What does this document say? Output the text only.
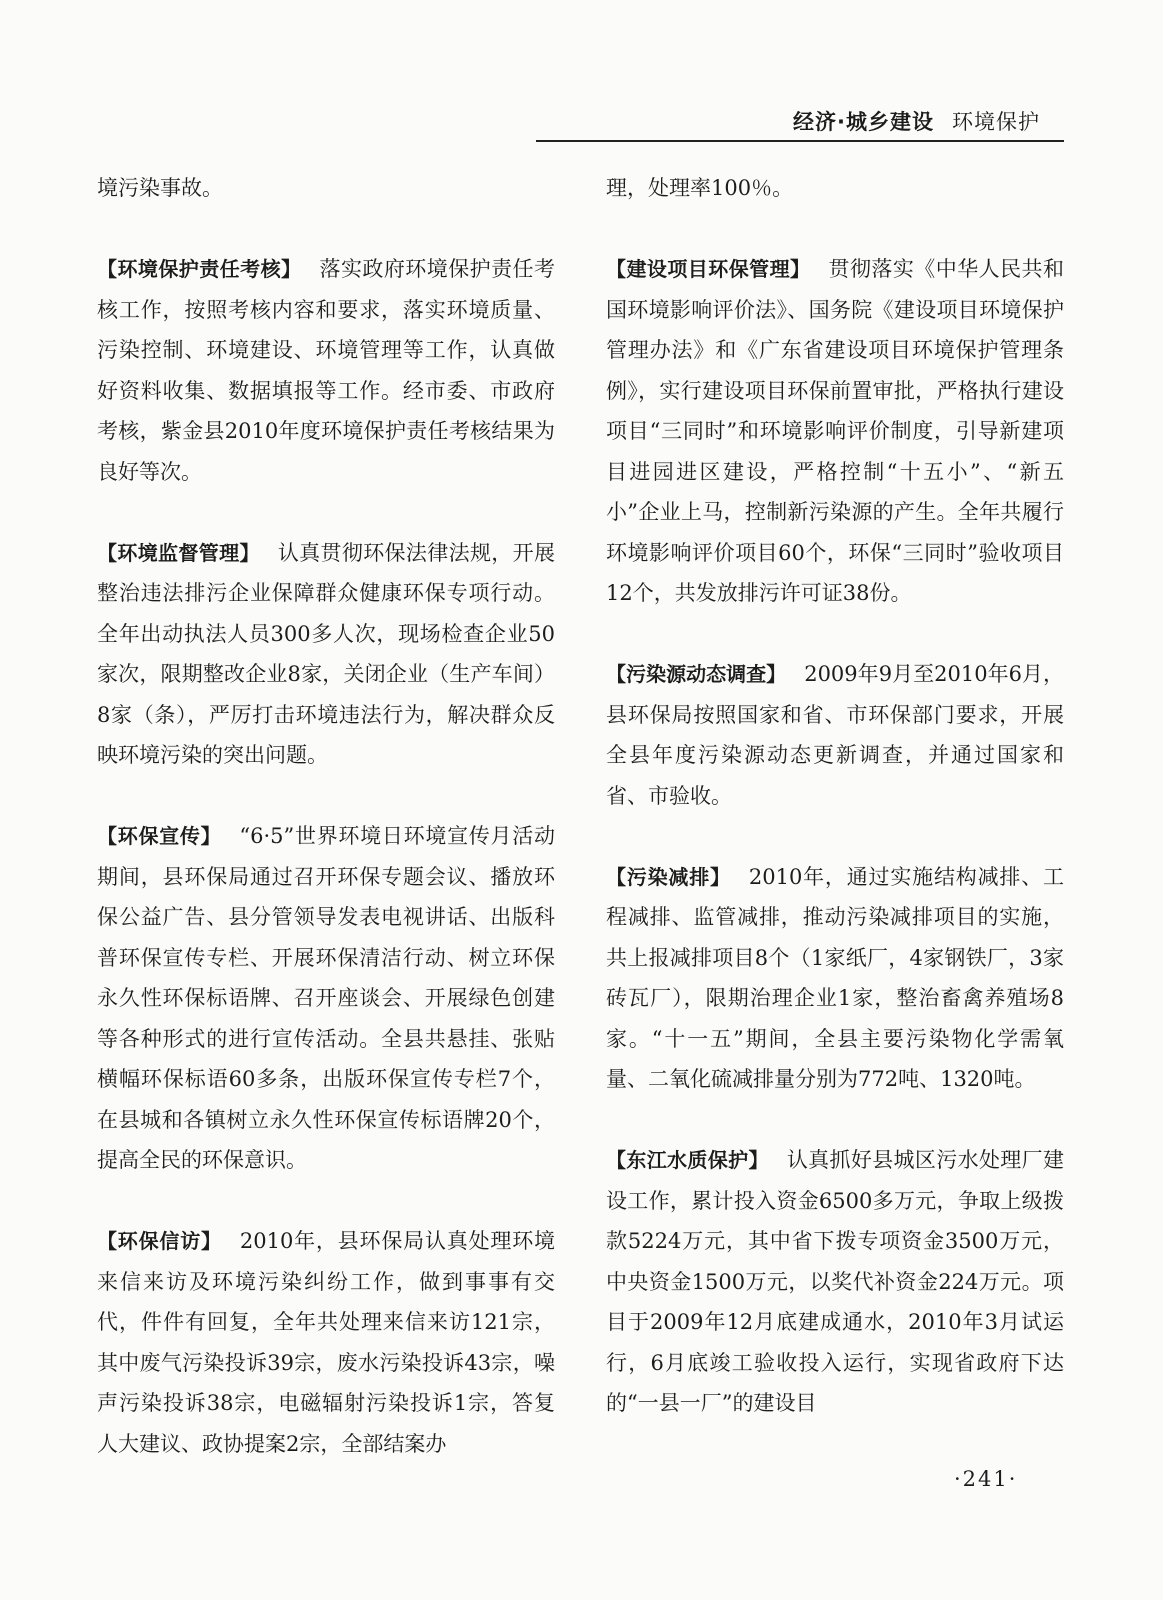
经济·城乡建设 环境保护

境污染事故。

【环境保护责任考核】 落实政府环境保护责任考核工作，按照考核内容和要求，落实环境质量、污染控制、环境建设、环境管理等工作，认真做好资料收集、数据填报等工作。经市委、市政府考核，紫金县2010年度环境保护责任考核结果为良好等次。

【环境监督管理】 认真贯彻环保法律法规，开展整治违法排污企业保障群众健康环保专项行动。全年出动执法人员300多人次，现场检查企业50家次，限期整改企业8家，关闭企业（生产车间）8家（条），严厉打击环境违法行为，解决群众反映环境污染的突出问题。

【环保宣传】 “6·5”世界环境日环境宣传月活动期间，县环保局通过召开环保专题会议、播放环保公益广告、县分管领导发表电视讲话、出版科普环保宣传专栏、开展环保清洁行动、树立环保永久性环保标语牌、召开座谈会、开展绿色创建等各种形式的进行宣传活动。全县共悬挂、张贴横幅环保标语60多条，出版环保宣传专栏7个，在县城和各镇树立永久性环保宣传标语牌20个，提高全民的环保意识。

【环保信访】 2010年，县环保局认真处理环境来信来访及环境污染纠纷工作，做到事事有交代，件件有回复，全年共处理来信来访121宗，其中废气污染投诉39宗，废水污染投诉43宗，噪声污染投诉38宗，电磁辐射污染投诉1宗，答复人大建议、政协提案2宗，全部结案办

理，处理率100％。

【建设项目环保管理】 贯彻落实《中华人民共和国环境影响评价法》、国务院《建设项目环境保护管理办法》和《广东省建设项目环境保护管理条例》，实行建设项目环保前置审批，严格执行建设项目“三同时”和环境影响评价制度，引导新建项目进园进区建设，严格控制“十五小”、“新五小”企业上马，控制新污染源的产生。全年共履行环境影响评价项目60个，环保“三同时”验收项目12个，共发放排污许可证38份。

【污染源动态调查】 2009年9月至2010年6月，县环保局按照国家和省、市环保部门要求，开展全县年度污染源动态更新调查，并通过国家和省、市验收。

【污染减排】 2010年，通过实施结构减排、工程减排、监管减排，推动污染减排项目的实施，共上报减排项目8个（1家纸厂，4家钢铁厂，3家砖瓦厂），限期治理企业1家，整治畜禽养殖场8家。“十一五”期间，全县主要污染物化学需氧量、二氧化硫减排量分别为772吨、1320吨。

【东江水质保护】 认真抓好县城区污水处理厂建设工作，累计投入资金6500多万元，争取上级拨款5224万元，其中省下拨专项资金3500万元，中央资金1500万元，以奖代补资金224万元。项目于2009年12月底建成通水，2010年3月试运行，6月底竣工验收投入运行，实现省政府下达的“一县一厂”的建设目

·241·
